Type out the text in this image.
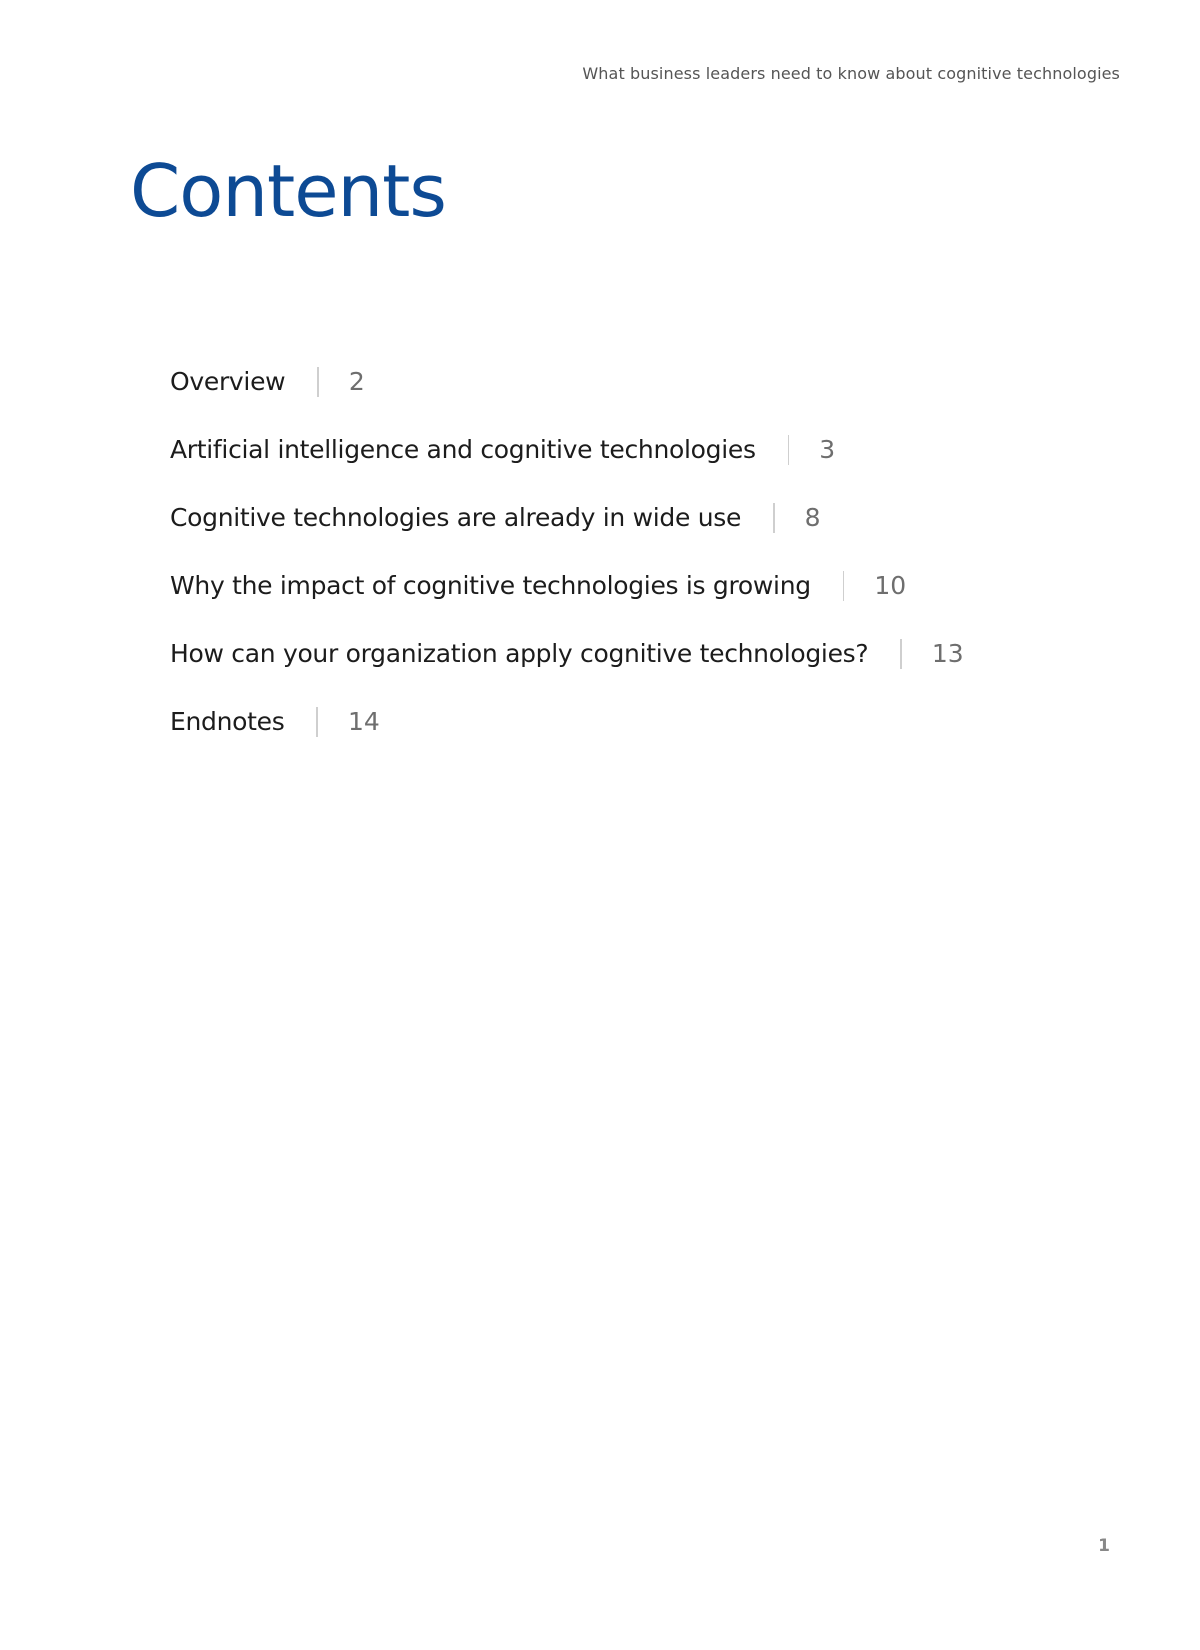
What business leaders need to know about cognitive technologies
Contents
Overview	2
Artificial intelligence and cognitive technologies	3
Cognitive technologies are already in wide use	8
Why the impact of cognitive technologies is growing	10
How can your organization apply cognitive technologies?	13
Endnotes	14
1
